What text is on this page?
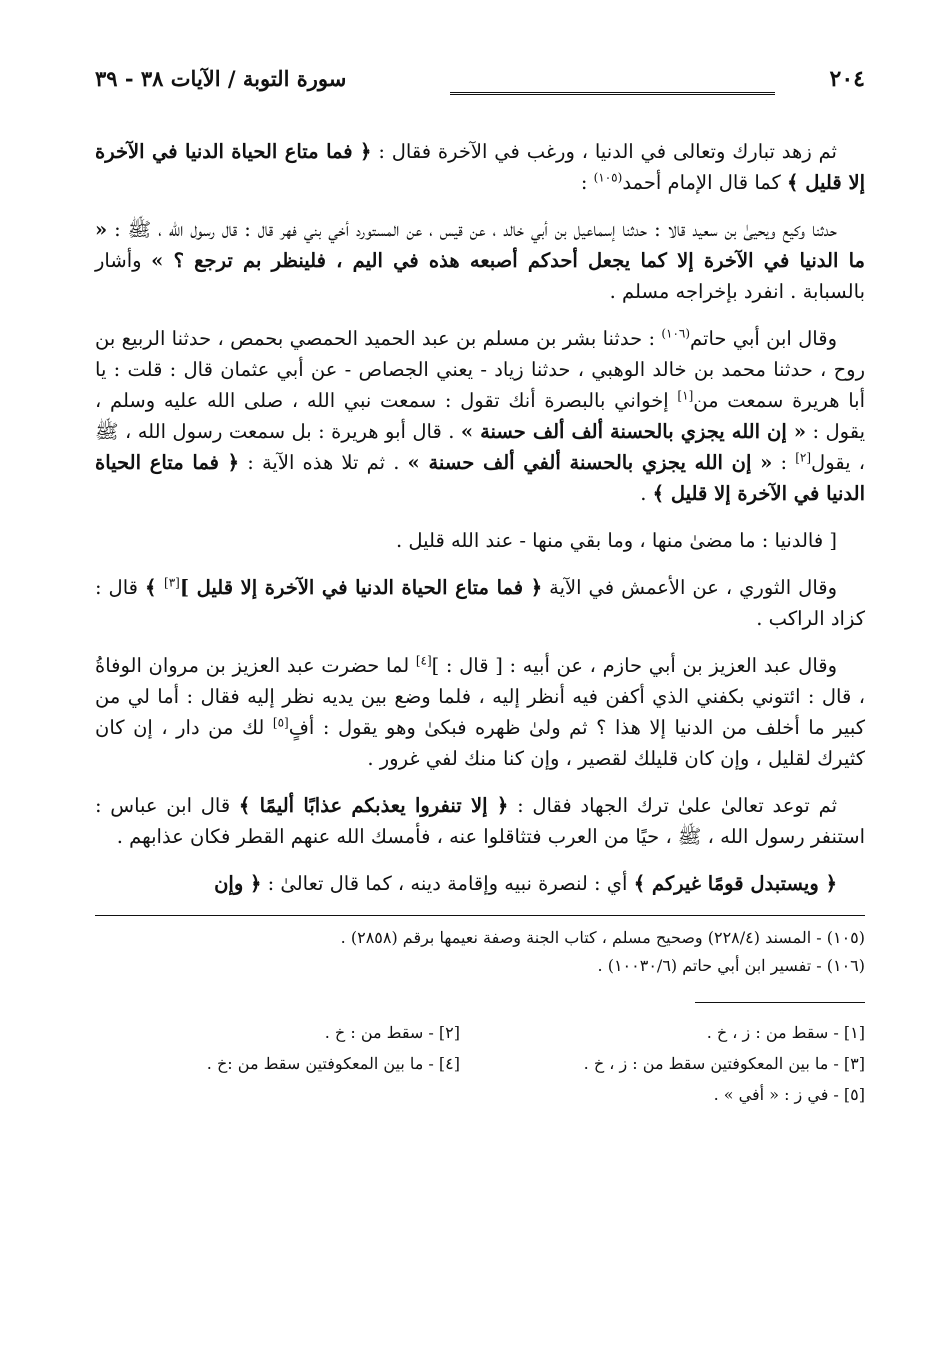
٢٠٤
سورة التوبة / الآيات ٣٨ - ٣٩

ثم زهد تبارك وتعالى في الدنيا ، ورغب في الآخرة فقال : ﴿ فما متاع الحياة الدنيا في الآخرة إلا قليل ﴾ كما قال الإمام أحمد$^{(١٠٥)}$ :

حدثنا وكيع ويحيىٰ بن سعيد قالا : حدثنا إسماعيل بن أبي خالد ، عن قيس ، عن المستورد أخي بني فهر قال : قال رسول الله ، ﷺ : « ما الدنيا في الآخرة إلا كما يجعل أحدكم أصبعه هذه في اليم ، فلينظر بم ترجع ؟ » وأشار بالسبابة . انفرد بإخراجه مسلم .

وقال ابن أبي حاتم$^{(١٠٦)}$ : حدثنا بشر بن مسلم بن عبد الحميد الحمصي بحمص ، حدثنا الربيع بن روح ، حدثنا محمد بن خالد الوهبي ، حدثنا زياد - يعني الجصاص - عن أبي عثمان قال : قلت : يا أبا هريرة سمعت من[١] إخواني بالبصرة أنك تقول : سمعت نبي الله ، صلى الله عليه وسلم ، يقول : « إن الله يجزي بالحسنة ألف ألف حسنة » . قال أبو هريرة : بل سمعت رسول الله ، ﷺ ، يقول[٢] : « إن الله يجزي بالحسنة ألفي ألف حسنة » . ثم تلا هذه الآية : ﴿ فما متاع الحياة الدنيا في الآخرة إلا قليل ﴾ .

[ فالدنيا : ما مضىٰ منها ، وما بقي منها - عند الله قليل .

وقال الثوري ، عن الأعمش في الآية ﴿ فما متاع الحياة الدنيا في الآخرة إلا قليل ][٣] ﴾ قال : كزاد الراكب .

وقال عبد العزيز بن أبي حازم ، عن أبيه : [ قال : ][٤] لما حضرت عبد العزيز بن مروان الوفاةُ ، قال : ائتوني بكفني الذي أكفن فيه أنظر إليه ، فلما وضع بين يديه نظر إليه فقال : أما لي من كبير ما أخلف من الدنيا إلا هذا ؟ ثم ولىٰ ظهره فبكىٰ وهو يقول : أفٍ[٥] لك من دار ، إن كان كثيرك لقليل ، وإن كان قليلك لقصير ، وإن كنا منك لفي غرور .

ثم توعد تعالىٰ علىٰ ترك الجهاد فقال : ﴿ إلا تنفروا يعذبكم عذابًا أليمًا ﴾ قال ابن عباس : استنفر رسول الله ، ﷺ ، حيًا من العرب فتثاقلوا عنه ، فأمسك الله عنهم القطر فكان عذابهم .

﴿ ويستبدل قومًا غيركم ﴾ أي : لنصرة نبيه وإقامة دينه ، كما قال تعالىٰ : ﴿ وإن

(١٠٥) - المسند (٢٢٨/٤) وصحيح مسلم ، كتاب الجنة وصفة نعيمها برقم (٢٨٥٨) .

(١٠٦) - تفسير ابن أبي حاتم (١٠٠٣٠/٦) .

[١] - سقط من : ز ، خ .
[٢] - سقط من : خ .
[٣] - ما بين المعكوفتين سقط من : ز ، خ .
[٤] - ما بين المعكوفتين سقط من :خ .
[٥] - في ز : « أفي » .
